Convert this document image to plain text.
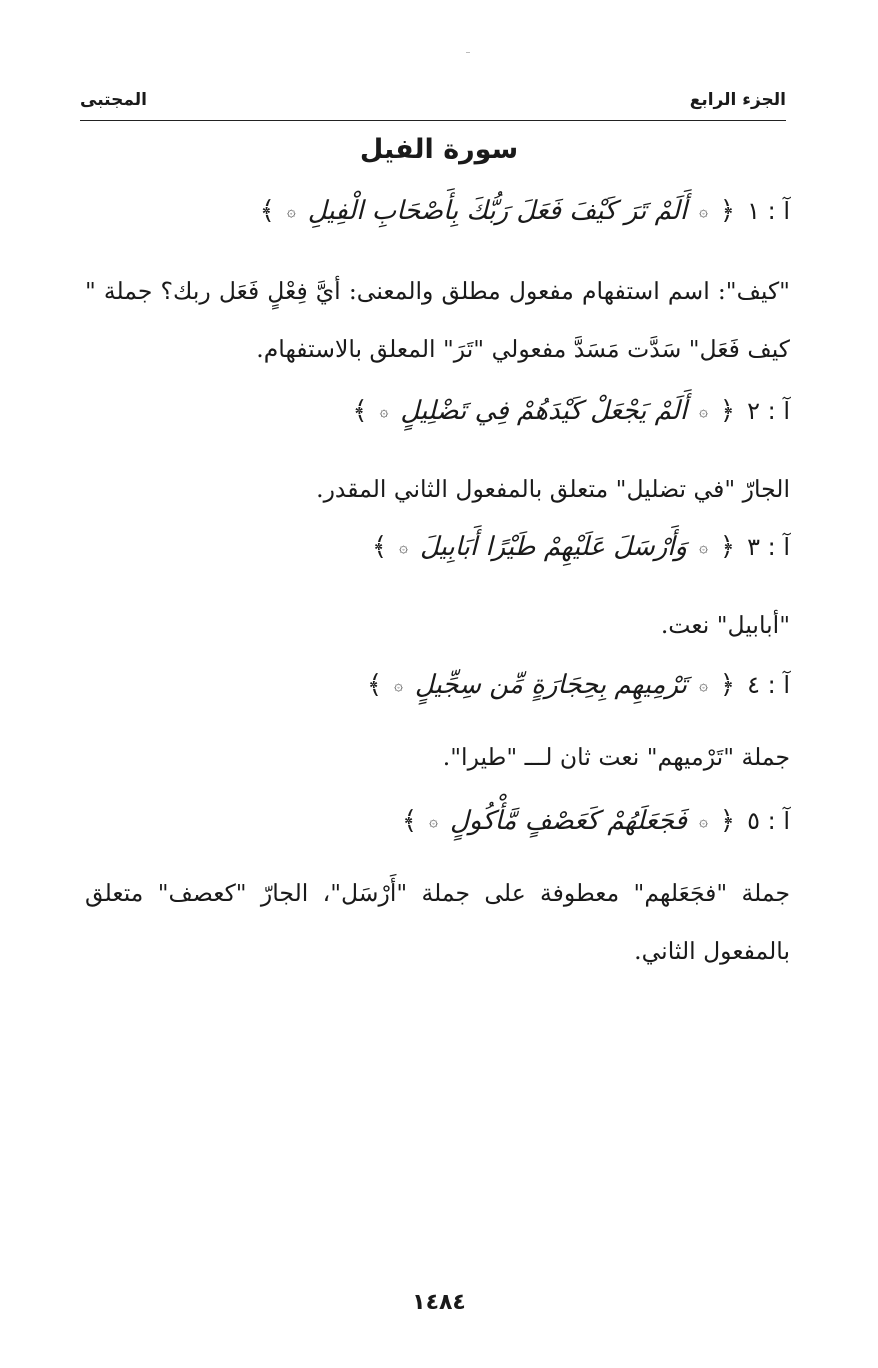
الجزء الرابع
المجتبى
سورة الفيل
آ : ١
﴿
۞
أَلَمْ تَرَ كَيْفَ فَعَلَ رَبُّكَ بِأَصْحَابِ الْفِيلِ
۞
﴾
"كيف": اسم استفهام مفعول مطلق والمعنى: أيَّ فِعْلٍ فَعَل ربك؟ جملة " كيف فَعَل" سَدَّت مَسَدَّ مفعولي "تَرَ" المعلق بالاستفهام.
آ : ٢
﴿
۞
أَلَمْ يَجْعَلْ كَيْدَهُمْ فِي تَضْلِيلٍ
۞
﴾
الجارّ "في تضليل" متعلق بالمفعول الثاني المقدر.
آ : ٣
﴿
۞
وَأَرْسَلَ عَلَيْهِمْ طَيْرًا أَبَابِيلَ
۞
﴾
"أبابيل" نعت.
آ : ٤
﴿
۞
تَرْمِيهِم بِحِجَارَةٍ مِّن سِجِّيلٍ
۞
﴾
جملة "تَرْميهم" نعت ثان لـــ "طيرا".
آ : ٥
﴿
۞
فَجَعَلَهُمْ كَعَصْفٍ مَّأْكُولٍ
۞
﴾
جملة "فجَعَلهم" معطوفة على جملة "أَرْسَل"، الجارّ "كعصف" متعلق بالمفعول الثاني.
١٤٨٤
